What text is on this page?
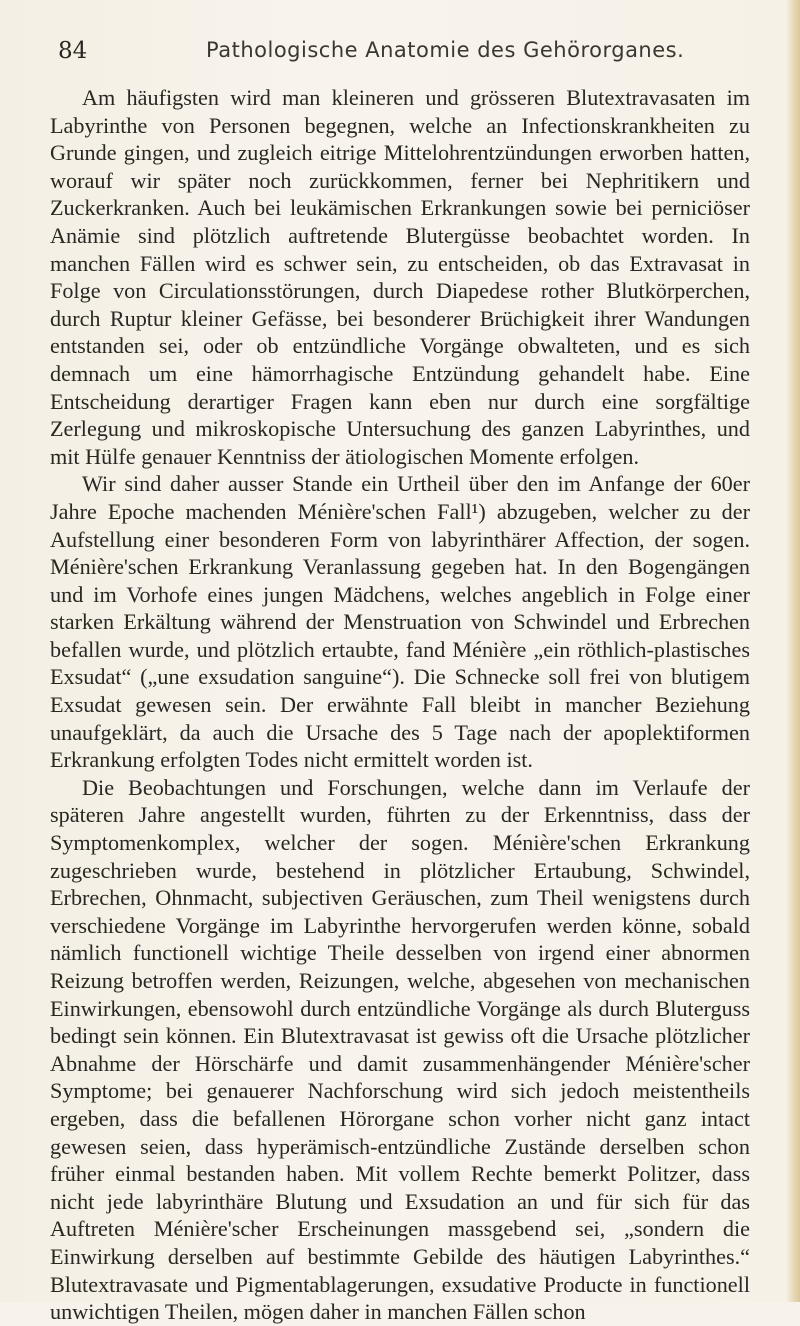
84	Pathologische Anatomie des Gehörorganes.

Am häufigsten wird man kleineren und grösseren Blutextravasaten im Labyrinthe von Personen begegnen, welche an Infectionskrankheiten zu Grunde gingen, und zugleich eitrige Mittelohrentzündungen erworben hatten, worauf wir später noch zurückkommen, ferner bei Nephritikern und Zuckerkranken. Auch bei leukämischen Erkrankungen sowie bei perniciöser Anämie sind plötzlich auftretende Blutergüsse beobachtet worden. In manchen Fällen wird es schwer sein, zu entscheiden, ob das Extravasat in Folge von Circulationsstörungen, durch Diapedese rother Blutkörperchen, durch Ruptur kleiner Gefässe, bei besonderer Brüchigkeit ihrer Wandungen entstanden sei, oder ob entzündliche Vorgänge obwalteten, und es sich demnach um eine hämorrhagische Entzündung gehandelt habe. Eine Entscheidung derartiger Fragen kann eben nur durch eine sorgfältige Zerlegung und mikroskopische Untersuchung des ganzen Labyrinthes, und mit Hülfe genauer Kenntniss der ätiologischen Momente erfolgen.

Wir sind daher ausser Stande ein Urtheil über den im Anfange der 60er Jahre Epoche machenden Ménière'schen Fall¹) abzugeben, welcher zu der Aufstellung einer besonderen Form von labyrinthärer Affection, der sogen. Ménière'schen Erkrankung Veranlassung gegeben hat. In den Bogengängen und im Vorhofe eines jungen Mädchens, welches angeblich in Folge einer starken Erkältung während der Menstruation von Schwindel und Erbrechen befallen wurde, und plötzlich ertaubte, fand Ménière „ein röthlich-plastisches Exsudat“ („une exsudation sanguine“). Die Schnecke soll frei von blutigem Exsudat gewesen sein. Der erwähnte Fall bleibt in mancher Beziehung unaufgeklärt, da auch die Ursache des 5 Tage nach der apoplektiformen Erkrankung erfolgten Todes nicht ermittelt worden ist.

Die Beobachtungen und Forschungen, welche dann im Verlaufe der späteren Jahre angestellt wurden, führten zu der Erkenntniss, dass der Symptomenkomplex, welcher der sogen. Ménière'schen Erkrankung zugeschrieben wurde, bestehend in plötzlicher Ertaubung, Schwindel, Erbrechen, Ohnmacht, subjectiven Geräuschen, zum Theil wenigstens durch verschiedene Vorgänge im Labyrinthe hervorgerufen werden könne, sobald nämlich functionell wichtige Theile desselben von irgend einer abnormen Reizung betroffen werden, Reizungen, welche, abgesehen von mechanischen Einwirkungen, ebensowohl durch entzündliche Vorgänge als durch Bluterguss bedingt sein können. Ein Blutextravasat ist gewiss oft die Ursache plötzlicher Abnahme der Hörschärfe und damit zusammenhängender Ménière'scher Symptome; bei genauerer Nachforschung wird sich jedoch meistentheils ergeben, dass die befallenen Hörorgane schon vorher nicht ganz intact gewesen seien, dass hyperämisch-entzündliche Zustände derselben schon früher einmal bestanden haben. Mit vollem Rechte bemerkt Politzer, dass nicht jede labyrinthäre Blutung und Exsudation an und für sich für das Auftreten Ménière'scher Erscheinungen massgebend sei, „sondern die Einwirkung derselben auf bestimmte Gebilde des häutigen Labyrinthes.“ Blutextravasate und Pigmentablagerungen, exsudative Producte in functionell unwichtigen Theilen, mögen daher in manchen Fällen schon
